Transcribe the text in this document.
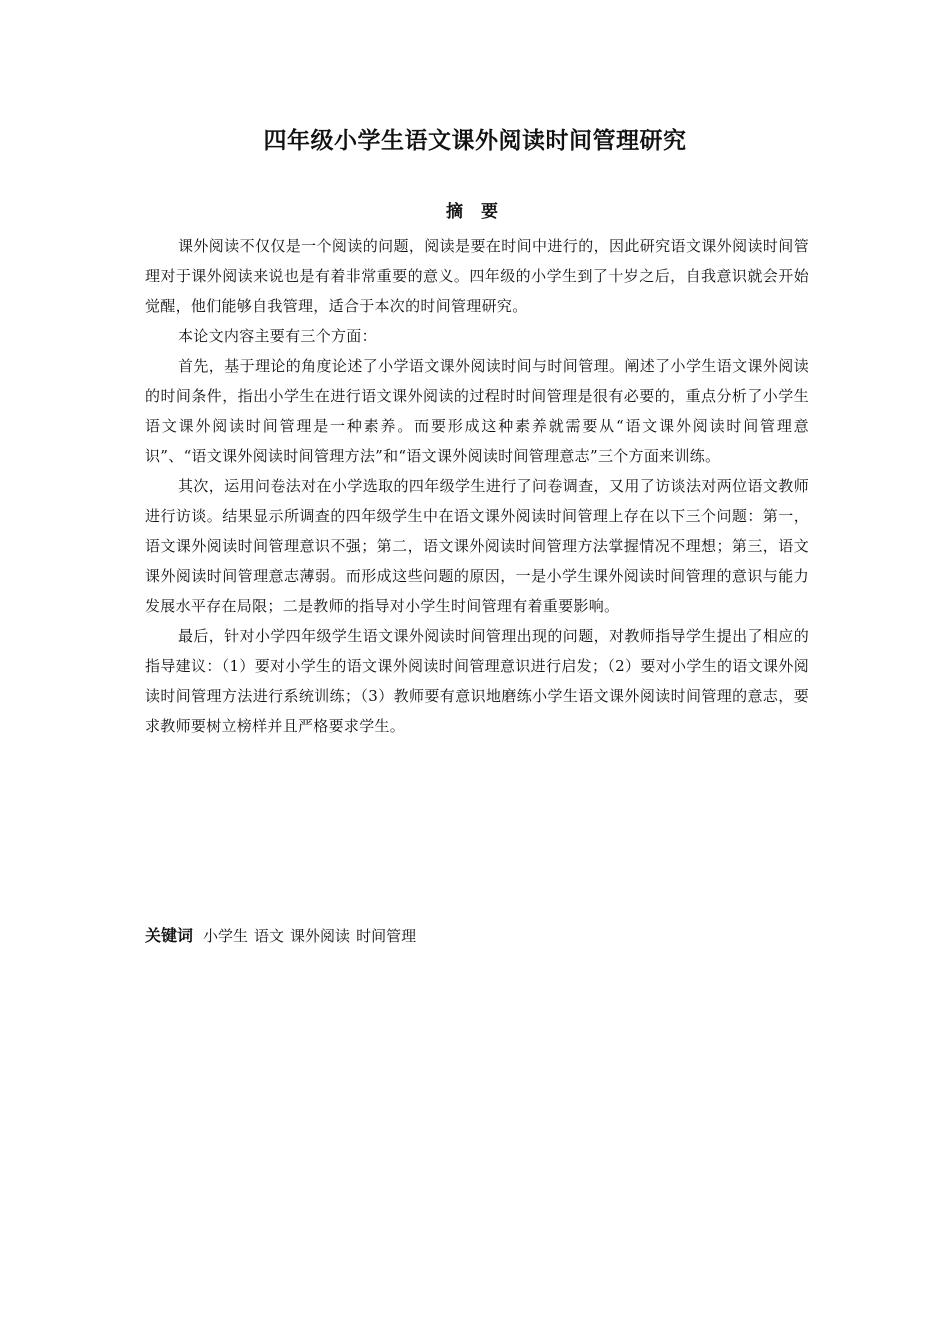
四年级小学生语文课外阅读时间管理研究
摘 要

课外阅读不仅仅是一个阅读的问题，阅读是要在时间中进行的，因此研究语文课外阅读时间管理对于课外阅读来说也是有着非常重要的意义。四年级的小学生到了十岁之后，自我意识就会开始觉醒，他们能够自我管理，适合于本次的时间管理研究。

本论文内容主要有三个方面：

首先，基于理论的角度论述了小学语文课外阅读时间与时间管理。阐述了小学生语文课外阅读的时间条件，指出小学生在进行语文课外阅读的过程时时间管理是很有必要的，重点分析了小学生语文课外阅读时间管理是一种素养。而要形成这种素养就需要从“语文课外阅读时间管理意识”、“语文课外阅读时间管理方法”和“语文课外阅读时间管理意志”三个方面来训练。

其次，运用问卷法对在小学选取的四年级学生进行了问卷调查，又用了访谈法对两位语文教师进行访谈。结果显示所调查的四年级学生中在语文课外阅读时间管理上存在以下三个问题：第一，语文课外阅读时间管理意识不强；第二，语文课外阅读时间管理方法掌握情况不理想；第三，语文课外阅读时间管理意志薄弱。而形成这些问题的原因，一是小学生课外阅读时间管理的意识与能力发展水平存在局限；二是教师的指导对小学生时间管理有着重要影响。

最后，针对小学四年级学生语文课外阅读时间管理出现的问题，对教师指导学生提出了相应的指导建议：（1）要对小学生的语文课外阅读时间管理意识进行启发；（2）要对小学生的语文课外阅读时间管理方法进行系统训练；（3）教师要有意识地磨练小学生语文课外阅读时间管理的意志，要求教师要树立榜样并且严格要求学生。

关键词 小学生 语文 课外阅读 时间管理
